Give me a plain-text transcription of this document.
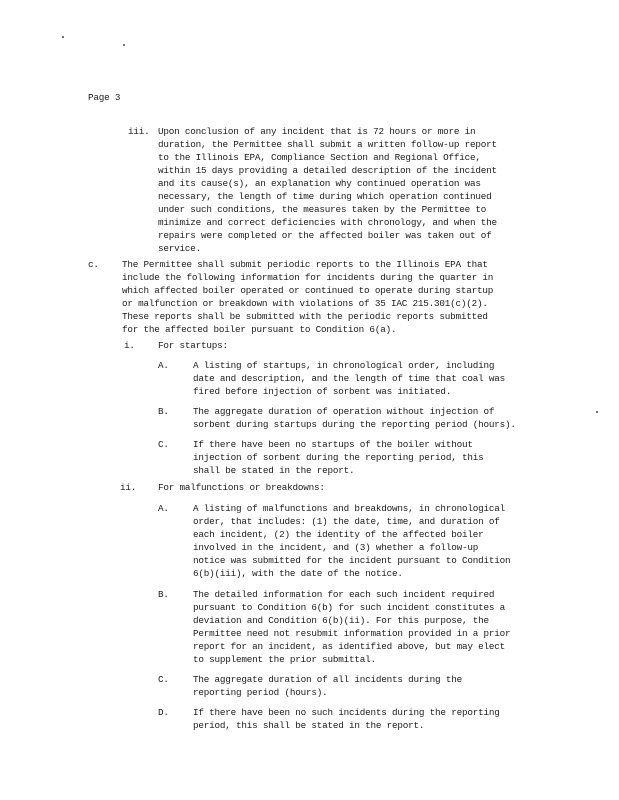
Page 3
iii. Upon conclusion of any incident that is 72 hours or more in
duration, the Permittee shall submit a written follow-up report
to the Illinois EPA, Compliance Section and Regional Office,
within 15 days providing a detailed description of the incident
and its cause(s), an explanation why continued operation was
necessary, the length of time during which operation continued
under such conditions, the measures taken by the Permittee to
minimize and correct deficiencies with chronology, and when the
repairs were completed or the affected boiler was taken out of
service.
c. The Permittee shall submit periodic reports to the Illinois EPA that
include the following information for incidents during the quarter in
which affected boiler operated or continued to operate during startup
or malfunction or breakdown with violations of 35 IAC 215.301(c)(2).
These reports shall be submitted with the periodic reports submitted
for the affected boiler pursuant to Condition 6(a).
i. For startups:
A.	A listing of startups, in chronological order, including
date and description, and the length of time that coal was
fired before injection of sorbent was initiated.
B.	The aggregate duration of operation without injection of
sorbent during startups during the reporting period (hours).
C.	If there have been no startups of the boiler without
injection of sorbent during the reporting period, this
shall be stated in the report.
ii. For malfunctions or breakdowns:
A.	A listing of malfunctions and breakdowns, in chronological
order, that includes: (1) the date, time, and duration of
each incident, (2) the identity of the affected boiler
involved in the incident, and (3) whether a follow-up
notice was submitted for the incident pursuant to Condition
6(b)(iii), with the date of the notice.
B.	The detailed information for each such incident required
pursuant to Condition 6(b) for such incident constitutes a
deviation and Condition 6(b)(ii). For this purpose, the
Permittee need not resubmit information provided in a prior
report for an incident, as identified above, but may elect
to supplement the prior submittal.
C.	The aggregate duration of all incidents during the
reporting period (hours).
D.	If there have been no such incidents during the reporting
period, this shall be stated in the report.
